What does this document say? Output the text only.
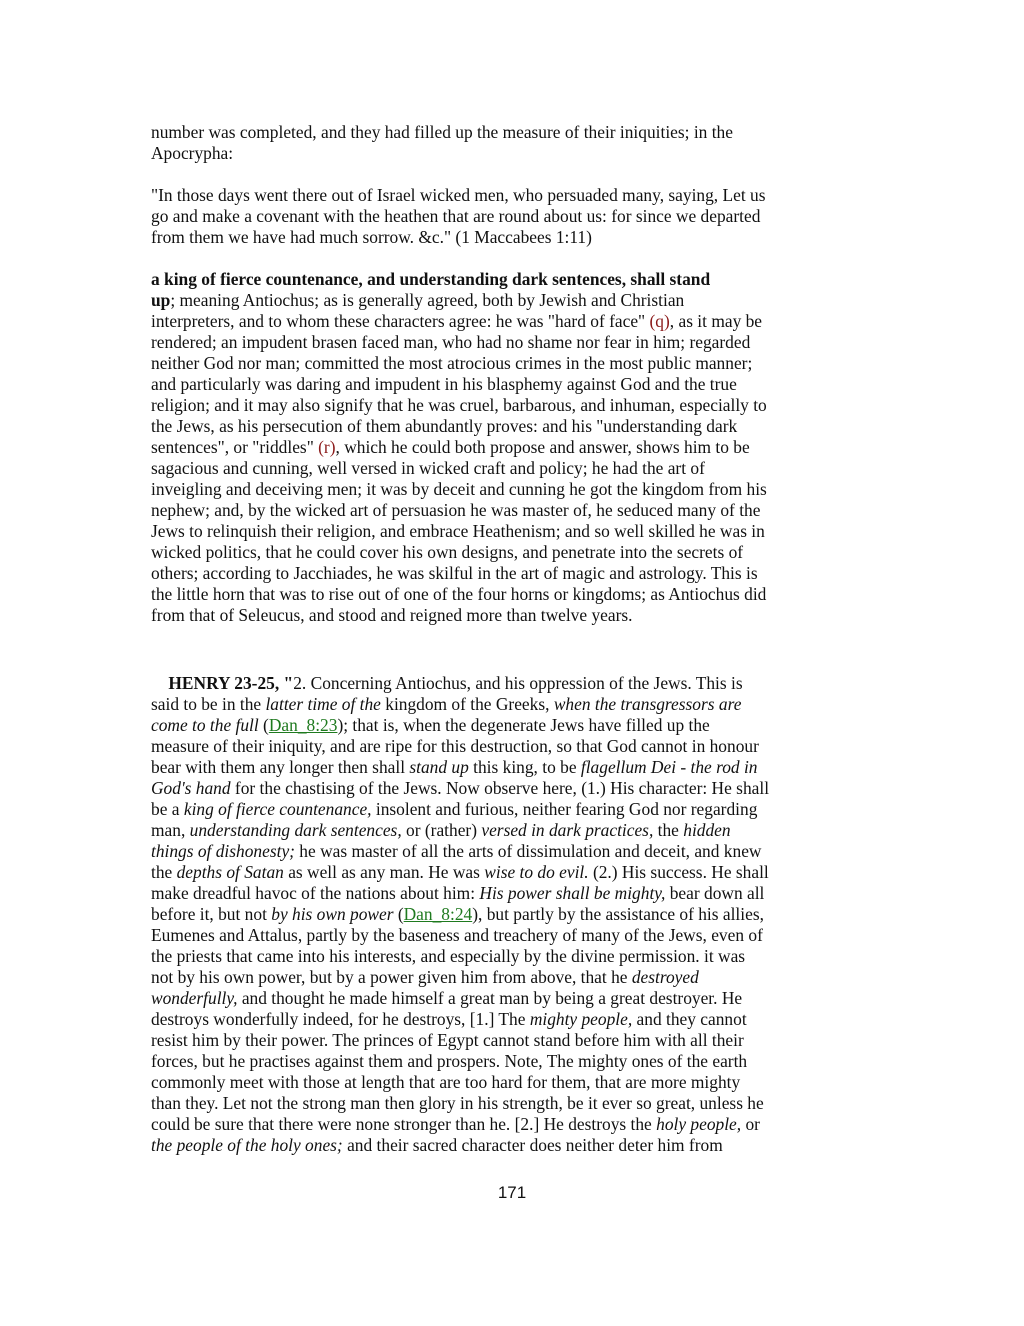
number was completed, and they had filled up the measure of their iniquities; in the
Apocrypha:
"In those days went there out of Israel wicked men, who persuaded many, saying, Let us
go and make a covenant with the heathen that are round about us: for since we departed
from them we have had much sorrow. &c." (1 Maccabees 1:11)
a king of fierce countenance, and understanding dark sentences, shall stand
up; meaning Antiochus; as is generally agreed, both by Jewish and Christian
interpreters, and to whom these characters agree: he was "hard of face" (q), as it may be
rendered; an impudent brasen faced man, who had no shame nor fear in him; regarded
neither God nor man; committed the most atrocious crimes in the most public manner;
and particularly was daring and impudent in his blasphemy against God and the true
religion; and it may also signify that he was cruel, barbarous, and inhuman, especially to
the Jews, as his persecution of them abundantly proves: and his "understanding dark
sentences", or "riddles" (r), which he could both propose and answer, shows him to be
sagacious and cunning, well versed in wicked craft and policy; he had the art of
inveigling and deceiving men; it was by deceit and cunning he got the kingdom from his
nephew; and, by the wicked art of persuasion he was master of, he seduced many of the
Jews to relinquish their religion, and embrace Heathenism; and so well skilled he was in
wicked politics, that he could cover his own designs, and penetrate into the secrets of
others; according to Jacchiades, he was skilful in the art of magic and astrology. This is
the little horn that was to rise out of one of the four horns or kingdoms; as Antiochus did
from that of Seleucus, and stood and reigned more than twelve years.
HENRY 23-25, "2. Concerning Antiochus, and his oppression of the Jews. This is
said to be in the latter time of the kingdom of the Greeks, when the transgressors are
come to the full (Dan_8:23); that is, when the degenerate Jews have filled up the
measure of their iniquity, and are ripe for this destruction, so that God cannot in honour
bear with them any longer then shall stand up this king, to be flagellum Dei - the rod in
God's hand for the chastising of the Jews. Now observe here, (1.) His character: He shall
be a king of fierce countenance, insolent and furious, neither fearing God nor regarding
man, understanding dark sentences, or (rather) versed in dark practices, the hidden
things of dishonesty; he was master of all the arts of dissimulation and deceit, and knew
the depths of Satan as well as any man. He was wise to do evil. (2.) His success. He shall
make dreadful havoc of the nations about him: His power shall be mighty, bear down all
before it, but not by his own power (Dan_8:24), but partly by the assistance of his allies,
Eumenes and Attalus, partly by the baseness and treachery of many of the Jews, even of
the priests that came into his interests, and especially by the divine permission. it was
not by his own power, but by a power given him from above, that he destroyed
wonderfully, and thought he made himself a great man by being a great destroyer. He
destroys wonderfully indeed, for he destroys, [1.] The mighty people, and they cannot
resist him by their power. The princes of Egypt cannot stand before him with all their
forces, but he practises against them and prospers. Note, The mighty ones of the earth
commonly meet with those at length that are too hard for them, that are more mighty
than they. Let not the strong man then glory in his strength, be it ever so great, unless he
could be sure that there were none stronger than he. [2.] He destroys the holy people, or
the people of the holy ones; and their sacred character does neither deter him from
171
